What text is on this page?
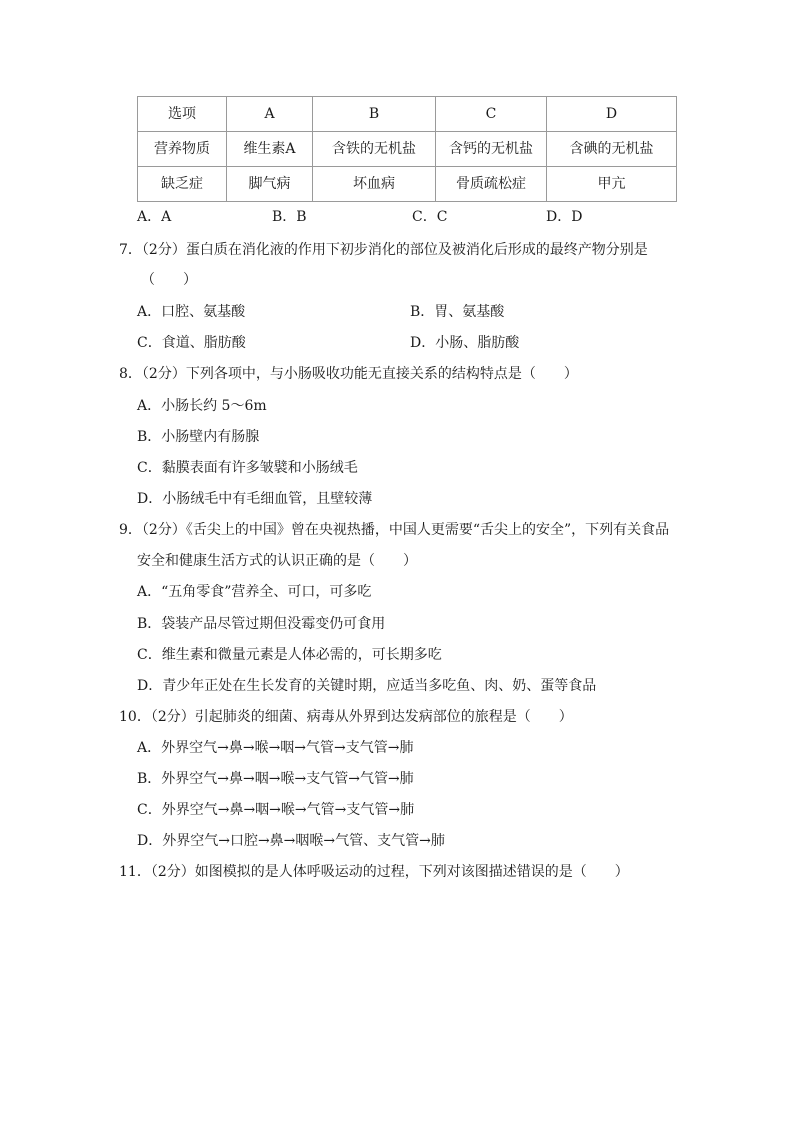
选项	A	B	C	D
营养物质	维生素A	含铁的无机盐	含钙的无机盐	含碘的无机盐
缺乏症	脚气病	坏血病	骨质疏松症	甲亢
A．A	B．B	C．C	D．D
7．（2分）蛋白质在消化液的作用下初步消化的部位及被消化后形成的最终产物分别是
（　　）
A．口腔、氨基酸	B．胃、氨基酸
C．食道、脂肪酸	D．小肠、脂肪酸
8．（2分）下列各项中，与小肠吸收功能无直接关系的结构特点是（　　）
A．小肠长约 5～6m
B．小肠壁内有肠腺
C．黏膜表面有许多皱襞和小肠绒毛
D．小肠绒毛中有毛细血管，且壁较薄
9．（2分）《舌尖上的中国》曾在央视热播，中国人更需要“舌尖上的安全”，下列有关食品
安全和健康生活方式的认识正确的是（　　）
A．“五角零食”营养全、可口，可多吃
B．袋装产品尽管过期但没霉变仍可食用
C．维生素和微量元素是人体必需的，可长期多吃
D．青少年正处在生长发育的关键时期，应适当多吃鱼、肉、奶、蛋等食品
10．（2分）引起肺炎的细菌、病毒从外界到达发病部位的旅程是（　　）
A．外界空气→鼻→喉→咽→气管→支气管→肺
B．外界空气→鼻→咽→喉→支气管→气管→肺
C．外界空气→鼻→咽→喉→气管→支气管→肺
D．外界空气→口腔→鼻→咽喉→气管、支气管→肺
11．（2分）如图模拟的是人体呼吸运动的过程，下列对该图描述错误的是（　　）
